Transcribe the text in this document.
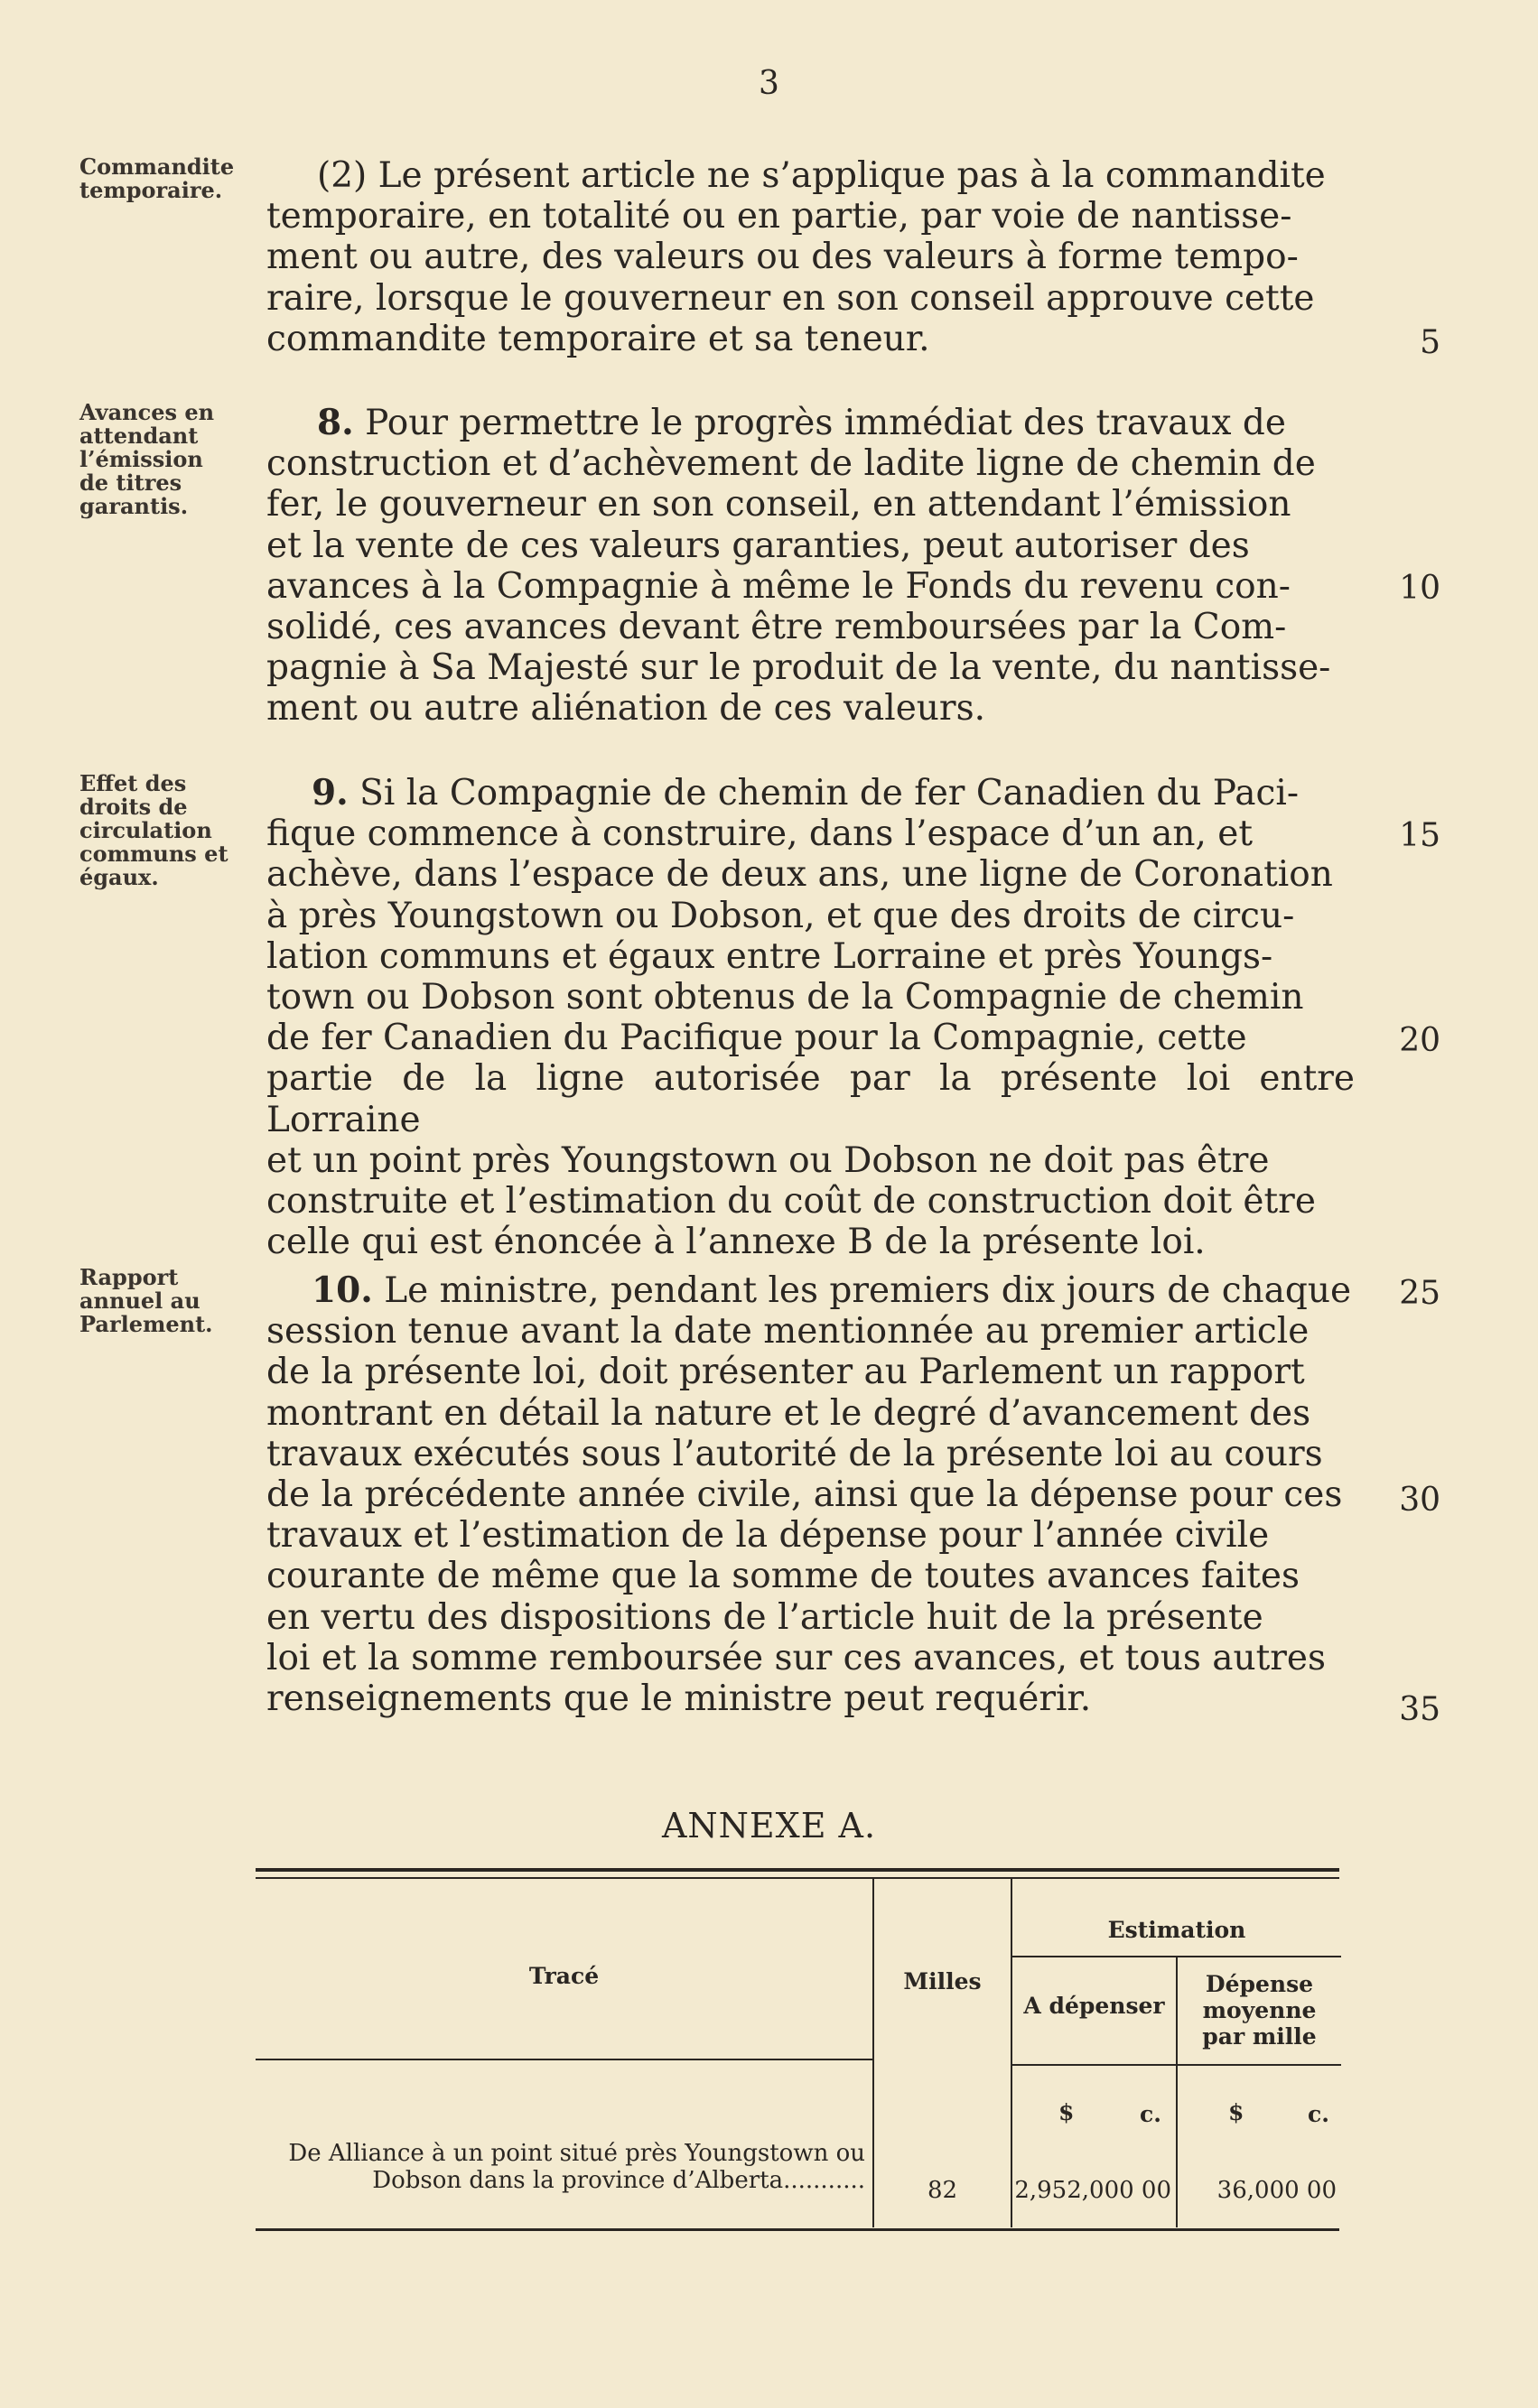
3
Commandite
temporaire.	(2) Le présent article ne s’applique pas à la commandite
temporaire, en totalité ou en partie, par voie de nantisse-
ment ou autre, des valeurs ou des valeurs à forme tempo-
raire, lorsque le gouverneur en son conseil approuve cette
commandite temporaire et sa teneur.
Avances en
attendant
l’émission
de titres
garantis.
8. Pour permettre le progrès immédiat des travaux de
construction et d’achèvement de ladite ligne de chemin de
fer, le gouverneur en son conseil, en attendant l’émission
et la vente de ces valeurs garanties, peut autoriser des
avances à la Compagnie à même le Fonds du revenu con-
solidé, ces avances devant être remboursées par la Com-
pagnie à Sa Majesté sur le produit de la vente, du nantisse-
ment ou autre aliénation de ces valeurs.
Effet des
droits de
circulation
communs et
égaux.
9. Si la Compagnie de chemin de fer Canadien du Paci-
fique commence à construire, dans l’espace d’un an, et
achève, dans l’espace de deux ans, une ligne de Coronation
à près Youngstown ou Dobson, et que des droits de circu-
lation communs et égaux entre Lorraine et près Youngs-
town ou Dobson sont obtenus de la Compagnie de chemin
de fer Canadien du Pacifique pour la Compagnie, cette
partie de la ligne autorisée par la présente loi entre Lorraine
et un point près Youngstown ou Dobson ne doit pas être
construite et l’estimation du coût de construction doit être
celle qui est énoncée à l’annexe B de la présente loi.
Rapport
annuel au
Parlement.
10. Le ministre, pendant les premiers dix jours de chaque
session tenue avant la date mentionnée au premier article
de la présente loi, doit présenter au Parlement un rapport
montrant en détail la nature et le degré d’avancement des
travaux exécutés sous l’autorité de la présente loi au cours
de la précédente année civile, ainsi que la dépense pour ces
travaux et l’estimation de la dépense pour l’année civile
courante de même que la somme de toutes avances faites
en vertu des dispositions de l’article huit de la présente
loi et la somme remboursée sur ces avances, et tous autres
renseignements que le ministre peut requérir.
5
10
15
20
25
30
35
ANNEXE A.
Tracé	Milles
Estimation
A dépenser
Dépense
moyenne
par mille
$	c.	$	c.
De Alliance à un point situé près Youngstown ou
Dobson dans la province d’Alberta...........	82	2,952,000 00	36,000 00
